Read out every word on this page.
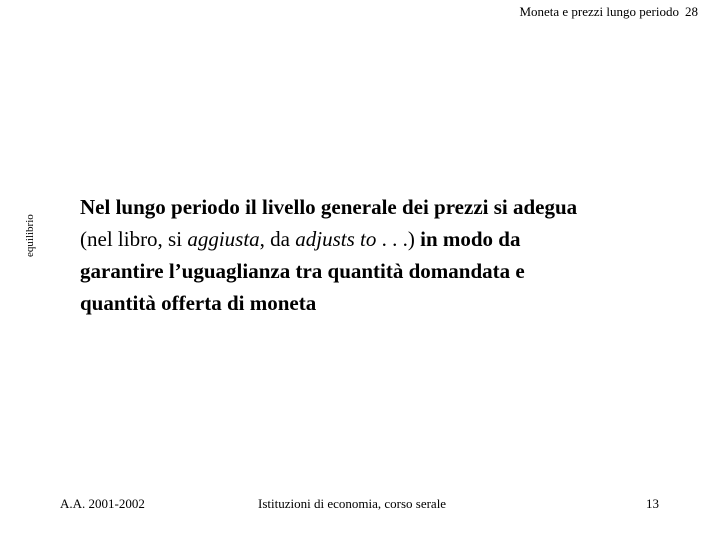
Moneta e prezzi lungo periodo 28
equilibrio
Nel lungo periodo il livello generale dei prezzi si adegua
(nel libro, si aggiusta, da adjusts to . . .) in modo da
garantire l’uguaglianza tra quantità domandata e
quantità offerta di moneta
A.A. 2001-2002	Istituzioni di economia, corso serale	13
